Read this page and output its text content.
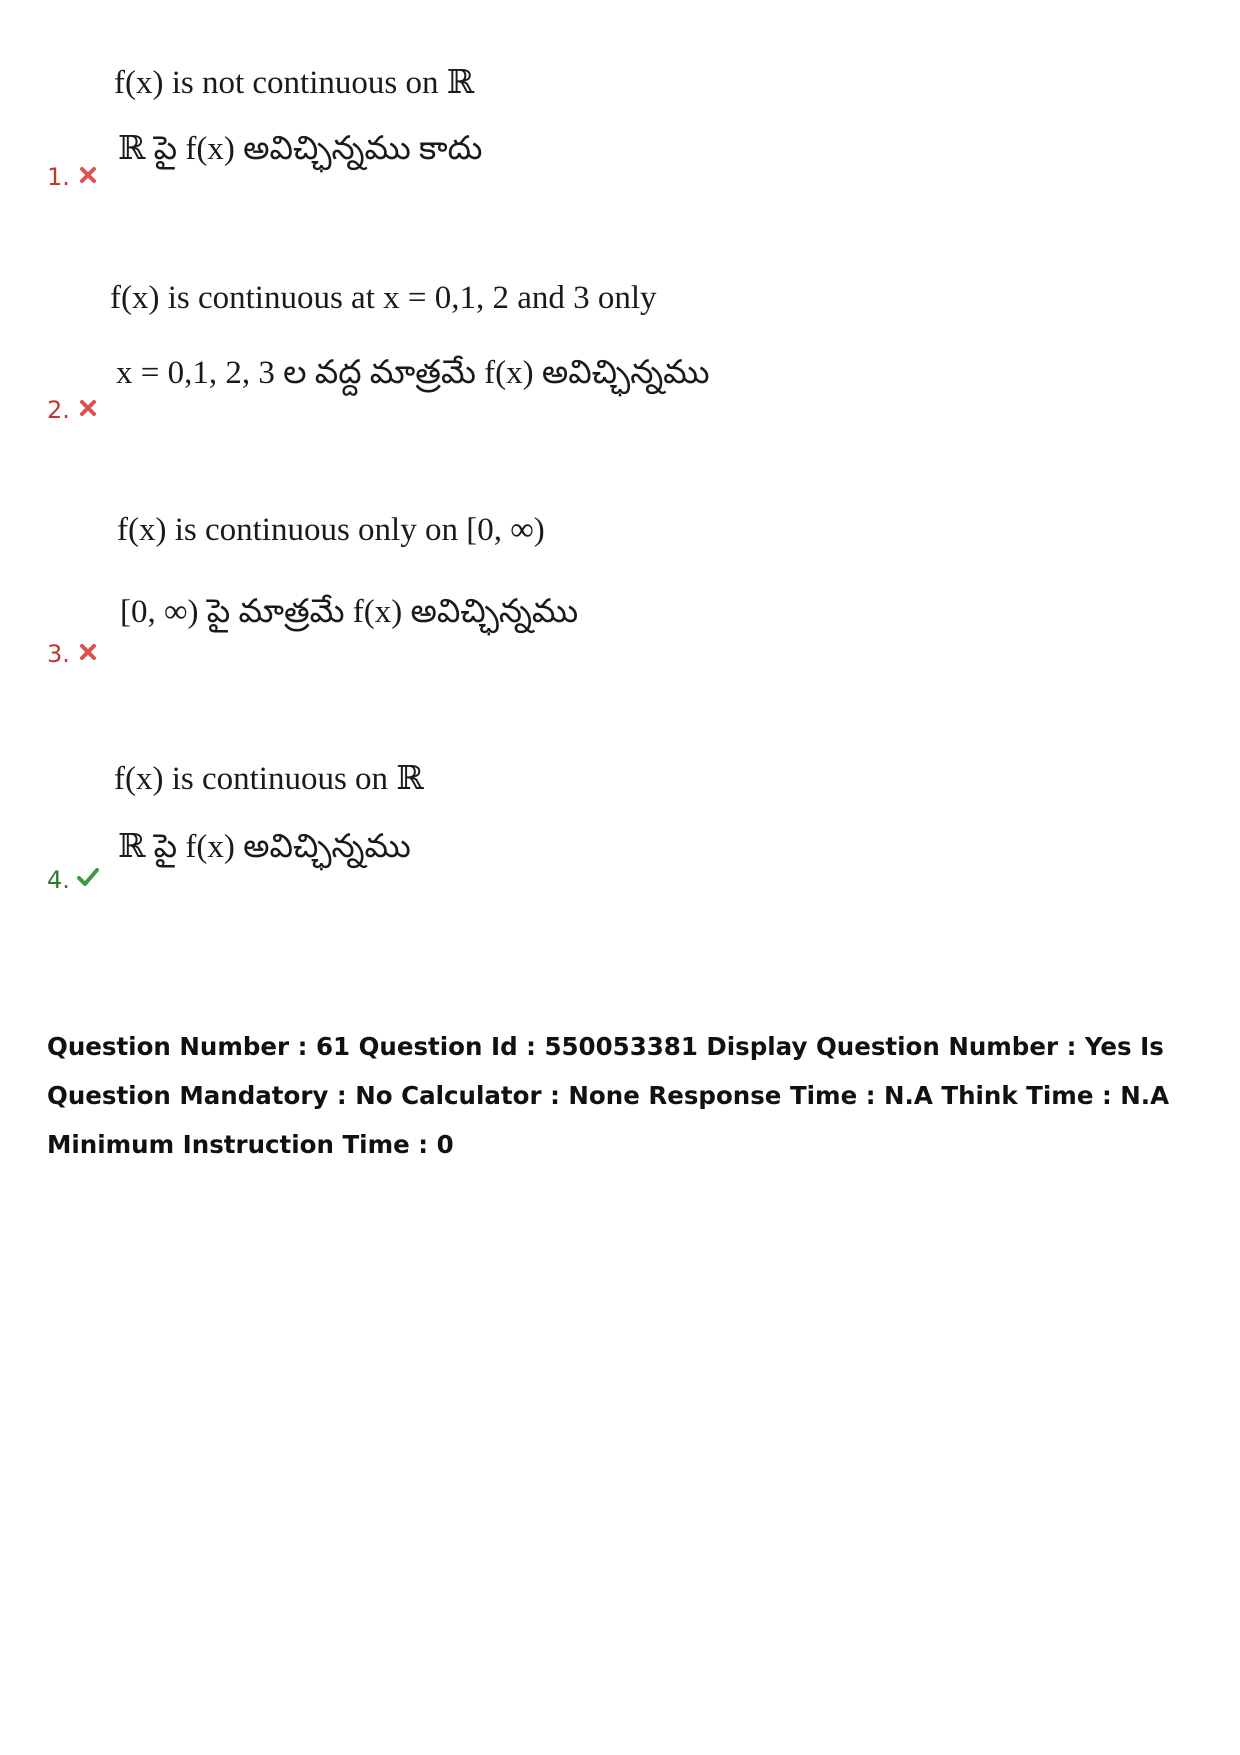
f(x) is not continuous on ℝ
ℝ పై f(x) అవిచ్ఛిన్నము కాదు
1.
f(x) is continuous at x = 0,1, 2 and 3 only
x = 0,1, 2, 3 ల వద్ద మాత్రమే f(x) అవిచ్ఛిన్నము
2.
f(x) is continuous only on [0, ∞)
[0, ∞) పై మాత్రమే f(x) అవిచ్ఛిన్నము
3.
f(x) is continuous on ℝ
ℝ పై f(x) అవిచ్ఛిన్నము
4.
Question Number : 61 Question Id : 550053381 Display Question Number : Yes Is Question Mandatory : No Calculator : None Response Time : N.A Think Time : N.A Minimum Instruction Time : 0
